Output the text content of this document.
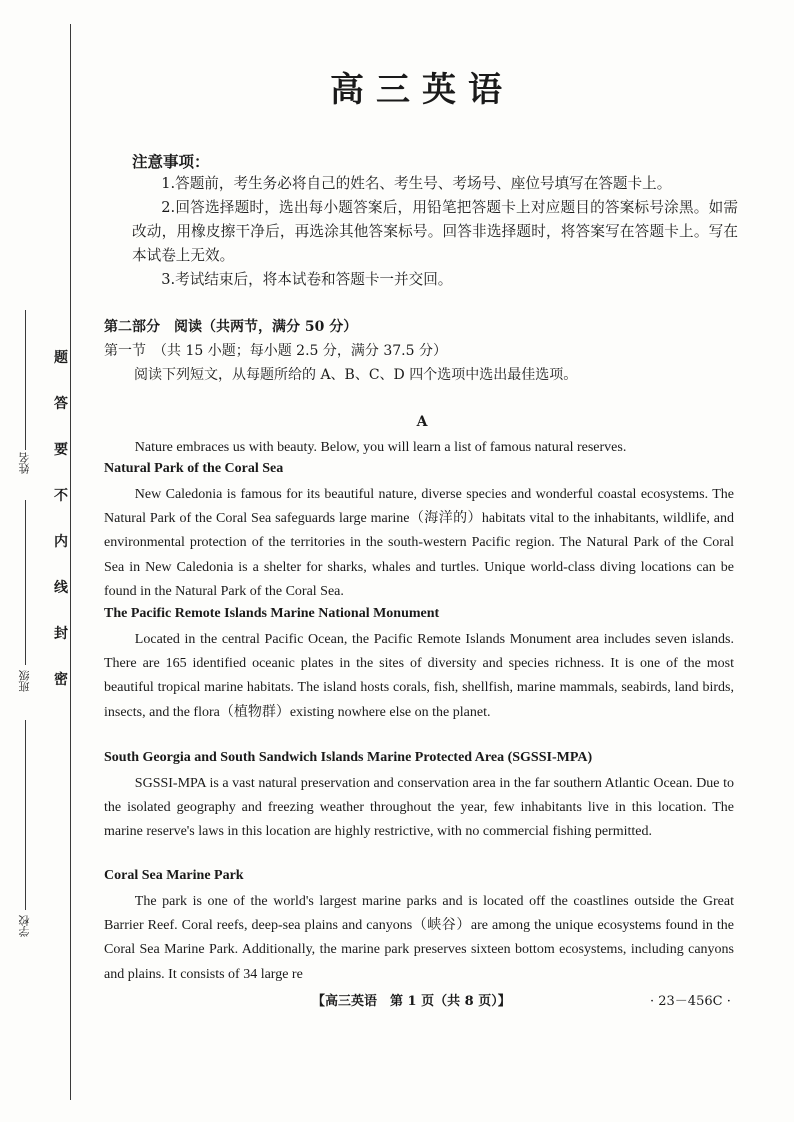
姓名
班级
学校
题
答
要
不
内
线
封
密
高三英语
注意事项：
1.答题前，考生务必将自己的姓名、考生号、考场号、座位号填写在答题卡上。
2.回答选择题时，选出每小题答案后，用铅笔把答题卡上对应题目的答案标号涂黑。如需改动，用橡皮擦干净后，再选涂其他答案标号。回答非选择题时，将答案写在答题卡上。写在本试卷上无效。
3.考试结束后，将本试卷和答题卡一并交回。
第二部分　阅读（共两节，满分 50 分）
第一节　（共 15 小题；每小题 2.5 分，满分 37.5 分）
阅读下列短文，从每题所给的 A、B、C、D 四个选项中选出最佳选项。
A
Nature embraces us with beauty. Below, you will learn a list of famous natural reserves.
Natural Park of the Coral Sea
New Caledonia is famous for its beautiful nature, diverse species and wonderful coastal ecosystems. The Natural Park of the Coral Sea safeguards large marine（海洋的）habitats vital to the inhabitants, wildlife, and environmental protection of the territories in the south-western Pacific region. The Natural Park of the Coral Sea in New Caledonia is a shelter for sharks, whales and turtles. Unique world-class diving locations can be found in the Natural Park of the Coral Sea.
The Pacific Remote Islands Marine National Monument
Located in the central Pacific Ocean, the Pacific Remote Islands Monument area includes seven islands. There are 165 identified oceanic plates in the sites of diversity and species richness. It is one of the most beautiful tropical marine habitats. The island hosts corals, fish, shellfish, marine mammals, seabirds, land birds, insects, and the flora（植物群）existing nowhere else on the planet.
South Georgia and South Sandwich Islands Marine Protected Area (SGSSI-MPA)
SGSSI-MPA is a vast natural preservation and conservation area in the far southern Atlantic Ocean. Due to the isolated geography and freezing weather throughout the year, few inhabitants live in this location. The marine reserve's laws in this location are highly restrictive, with no commercial fishing permitted.
Coral Sea Marine Park
The park is one of the world's largest marine parks and is located off the coastlines outside the Great Barrier Reef. Coral reefs, deep-sea plains and canyons（峡谷）are among the unique ecosystems found in the Coral Sea Marine Park. Additionally, the marine park preserves sixteen bottom ecosystems, including canyons and plains. It consists of 34 large re
【高三英语　第 1 页（共 8 页）】	· 23－456C ·
